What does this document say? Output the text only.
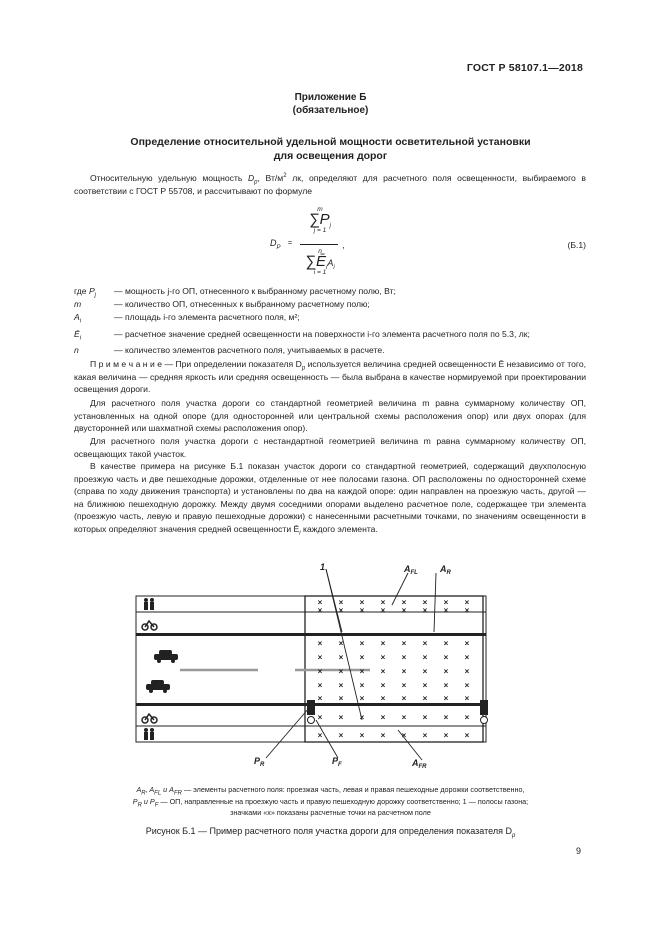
ГОСТ Р 58107.1—2018
Приложение Б
(обязательное)
Определение относительной удельной мощности осветительной установки
для освещения дорог

Относительную удельную мощность $D_p$, $Вт/м^2$ лк, определяют для расчетного поля освещенности, выбираемого в соответствии с ГОСТ Р 55708, и рассчитывают по формуле

$D_P$
=
m
$\sum P_j$
j = 1
n
$\sum Ē_iA_i$
i = 1
,	(Б.1)
где $P_j$ — мощность j-го ОП, отнесенного к выбранному расчетному полю, Вт;
m	— количество ОП, отнесенных к выбранному расчетному полю;
$A_i$	— площадь i-го элемента расчетного поля, м²;
$Ē_i$	— расчетное значение средней освещенности на поверхности i-го элемента расчетного поля по 5.3, лк;
n	— количество элементов расчетного поля, учитываемых в расчете.

П р и м е ч а н и е — При определении показателя $D_p$ используется величина средней освещенности Ē независимо от того, какая величина — средняя яркость или средняя освещенность — была выбрана в качестве нормируемой при проектировании освещения дороги.

Для расчетного поля участка дороги со стандартной геометрией величина m равна суммарному количеству ОП, установленных на одной опоре (для односторонней или центральной схемы расположения опор) или двух опорах (для двусторонней или шахматной схемы расположения опор).

Для расчетного поля участка дороги с нестандартной геометрией величина m равна суммарному количеству ОП, освещающих такой участок.

В качестве примера на рисунке Б.1 показан участок дороги со стандартной геометрией, содержащий двухполосную проезжую часть и две пешеходные дорожки, отделенные от нее полосами газона. ОП расположены по односторонней схеме (справа по ходу движения транспорта) и установлены по два на каждой опоре: один направлен на проезжую часть, другой — на ближнюю пешеходную дорожку. Между двумя соседними опорами выделено расчетное поле, содержащее три элемента (проезжую часть, левую и правую пешеходные дорожки) с нанесенными расчетными точками, по значениям освещенности в которых определяют значения средней освещенности $Ē_i$ каждого элемента.

× × × × × × × ×
× × × × × × × ×
× × × × × × × ×
× × × × × × × ×
× × × × × × × ×
× × × × × × × ×
× × × × × × × ×
× × × × × × × ×
× × × × × × × ×
1	$A_{FL}$ $A_R$
$P_R$	$P_F$	$A_{FR}$
$A_R$, $A_{FL}$ и $A_{FR}$ — элементы расчетного поля: проезжая часть, левая и правая пешеходные дорожки соответственно,
$P_R$ и $P_F$ — ОП, направленные на проезжую часть и правую пешеходную дорожку соответственно; 1 — полосы газона;
значками «х» показаны расчетные точки на расчетном поле
Рисунок Б.1 — Пример расчетного поля участка дороги для определения показателя $D_p$
9
